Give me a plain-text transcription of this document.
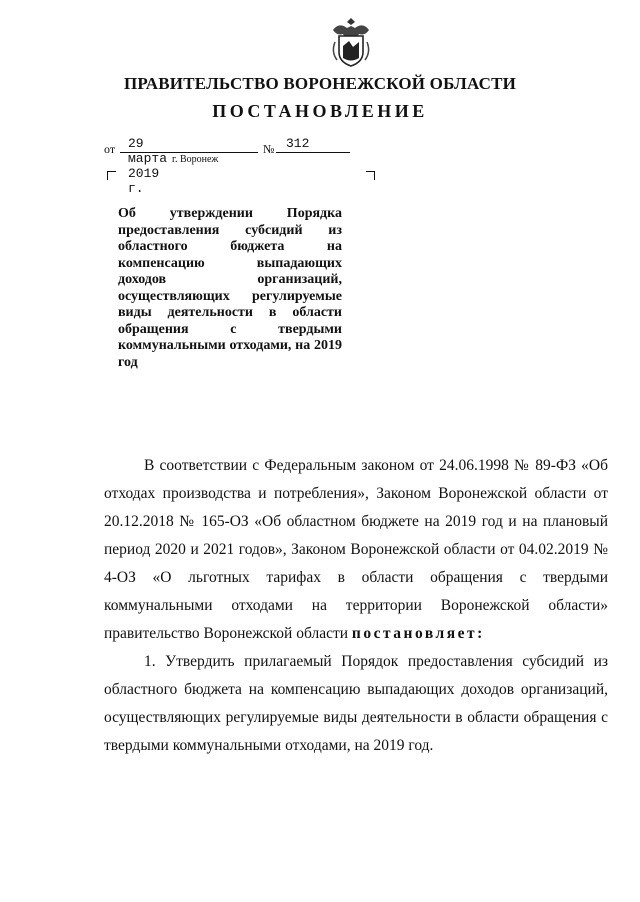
ПРАВИТЕЛЬСТВО ВОРОНЕЖСКОЙ ОБЛАСТИ
ПОСТАНОВЛЕНИЕ
от 29 марта 2019 г.
№ 312
г. Воронеж

Об утверждении Порядка предоставления субсидий из областного бюджета на компенсацию выпадающих доходов организаций, осуществляющих регулируемые виды деятельности в области обращения с твердыми коммунальными отходами, на 2019 год

В соответствии с Федеральным законом от 24.06.1998 № 89-ФЗ «Об отходах производства и потребления», Законом Воронежской области от 20.12.2018 № 165-ОЗ «Об областном бюджете на 2019 год и на плановый период 2020 и 2021 годов», Законом Воронежской области от 04.02.2019 № 4-ОЗ «О льготных тарифах в области обращения с твердыми коммунальными отходами на территории Воронежской области» правительство Воронежской области постановляет:

1. Утвердить прилагаемый Порядок предоставления субсидий из областного бюджета на компенсацию выпадающих доходов организаций, осуществляющих регулируемые виды деятельности в области обращения с твердыми коммунальными отходами, на 2019 год.
